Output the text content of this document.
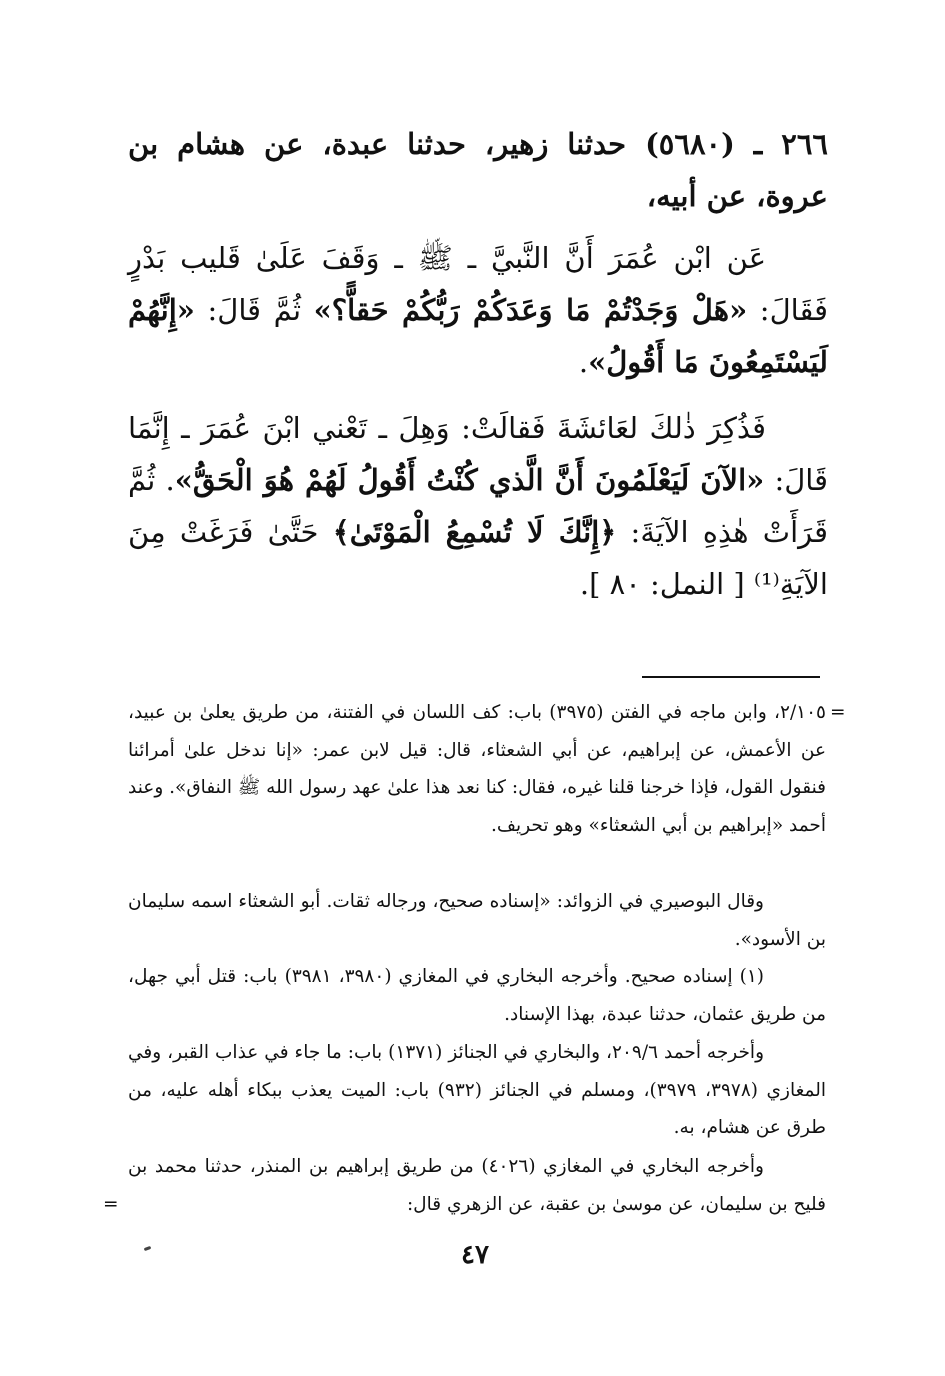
٢٦٦ ـ (٥٦٨٠) حدثنا زهير، حدثنا عبدة، عن هشام بن عروة، عن أبيه،

عَن ابْن عُمَرَ أَنَّ النَّبيَّ ـ ﷺ ـ وَقَفَ عَلَىٰ قَليب بَدْرٍ فَقَالَ: «هَلْ وَجَدْتُمْ مَا وَعَدَكُمْ رَبُّكُمْ حَقاًّ؟» ثُمَّ قَالَ: «إِنَّهُمْ لَيَسْتَمِعُونَ مَا أَقُولُ».

فَذُكِرَ ذٰلكَ لعَائشَةَ فَقالَتْ: وَهِلَ ـ تَعْني ابْنَ عُمَرَ ـ إِنَّمَا قَالَ: «الآنَ لَيَعْلَمُونَ أَنَّ الَّذي كُنْتُ أَقُولُ لَهُمْ هُوَ الْحَقُّ». ثُمَّ قَرَأَتْ هٰذِهِ الآيَةَ: ﴿إِنَّكَ لَا تُسْمِعُ الْمَوْتَىٰ﴾ حَتَّىٰ فَرَغَتْ مِنَ الآيَةِ⁽¹⁾ [ النمل: ٨٠ ].

=

٢/١٠٥، وابن ماجه في الفتن (٣٩٧٥) باب: كف اللسان في الفتنة، من طريق يعلىٰ بن عبيد، عن الأعمش، عن إبراهيم، عن أبي الشعثاء، قال: قيل لابن عمر: «إنا ندخل علىٰ أمرائنا فنقول القول، فإذا خرجنا قلنا غيره، فقال: كنا نعد هذا علىٰ عهد رسول الله ﷺ النفاق». وعند أحمد «إبراهيم بن أبي الشعثاء» وهو تحريف.

وقال البوصيري في الزوائد: «إسناده صحيح، ورجاله ثقات. أبو الشعثاء اسمه سليمان بن الأسود».

(١) إسناده صحيح. وأخرجه البخاري في المغازي (٣٩٨٠، ٣٩٨١) باب: قتل أبي جهل، من طريق عثمان، حدثنا عبدة، بهذا الإسناد.

وأخرجه أحمد ٢٠٩/٦، والبخاري في الجنائز (١٣٧١) باب: ما جاء في عذاب القبر، وفي المغازي (٣٩٧٨، ٣٩٧٩)، ومسلم في الجنائز (٩٣٢) باب: الميت يعذب ببكاء أهله عليه، من طرق عن هشام، به.

وأخرجه البخاري في المغازي (٤٠٢٦) من طريق إبراهيم بن المنذر، حدثنا محمد بن فليح بن سليمان، عن موسىٰ بن عقبة، عن الزهري قال:

=
٤٧
